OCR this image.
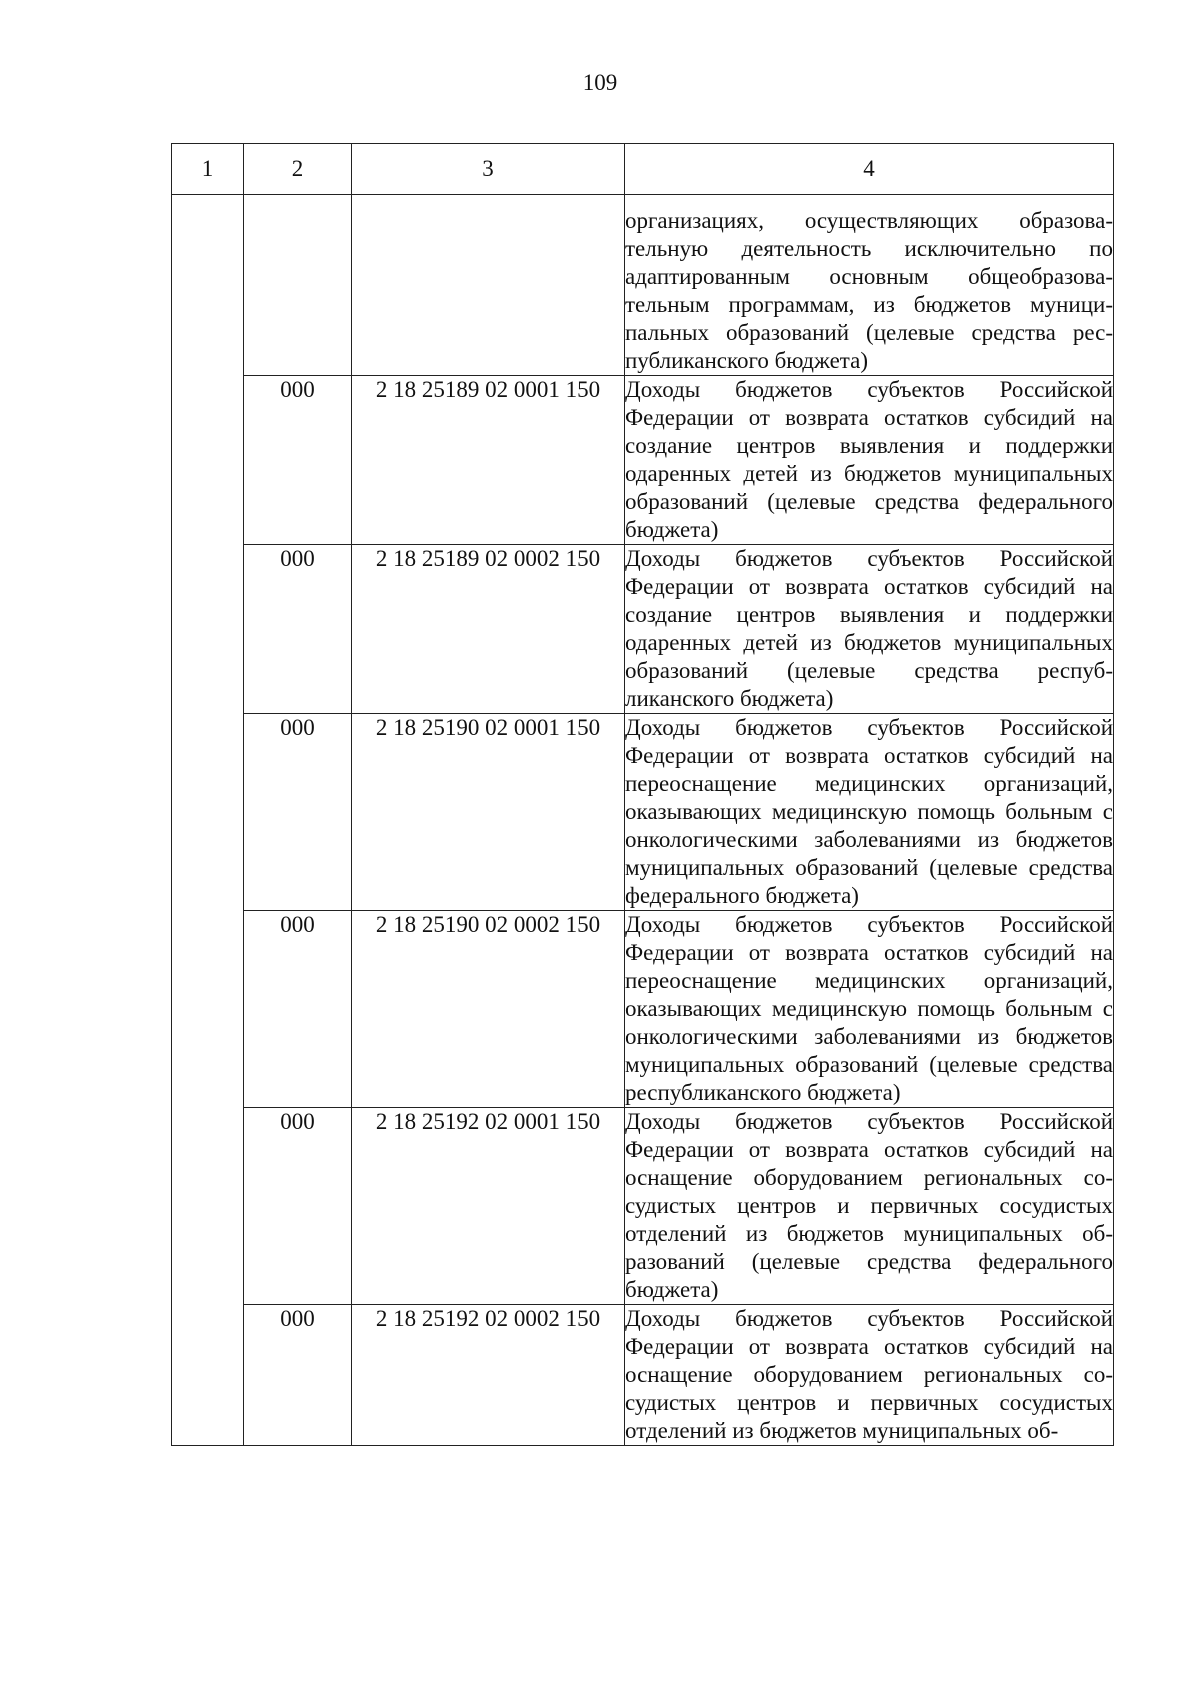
109
1	2	3	4
			организациях, осуществляющих образовательную деятельность исключительно по адаптированным основным общеобразовательным программам, из бюджетов муниципальных образований (целевые средства республиканского бюджета)
	000	2 18 25189 02 0001 150	Доходы бюджетов субъектов Российской Федерации от возврата остатков субсидий на создание центров выявления и поддержки одаренных детей из бюджетов муниципальных образований (целевые средства федерального бюджета)
	000	2 18 25189 02 0002 150	Доходы бюджетов субъектов Российской Федерации от возврата остатков субсидий на создание центров выявления и поддержки одаренных детей из бюджетов муниципальных образований (целевые средства республиканского бюджета)
	000	2 18 25190 02 0001 150	Доходы бюджетов субъектов Российской Федерации от возврата остатков субсидий на переоснащение медицинских организаций, оказывающих медицинскую помощь больным с онкологическими заболеваниями из бюджетов муниципальных образований (целевые средства федерального бюджета)
	000	2 18 25190 02 0002 150	Доходы бюджетов субъектов Российской Федерации от возврата остатков субсидий на переоснащение медицинских организаций, оказывающих медицинскую помощь больным с онкологическими заболеваниями из бюджетов муниципальных образований (целевые средства республиканского бюджета)
	000	2 18 25192 02 0001 150	Доходы бюджетов субъектов Российской Федерации от возврата остатков субсидий на оснащение оборудованием региональных сосудистых центров и первичных сосудистых отделений из бюджетов муниципальных образований (целевые средства федерального бюджета)
	000	2 18 25192 02 0002 150	Доходы бюджетов субъектов Российской Федерации от возврата остатков субсидий на оснащение оборудованием региональных сосудистых центров и первичных сосудистых отделений из бюджетов муниципальных об-
